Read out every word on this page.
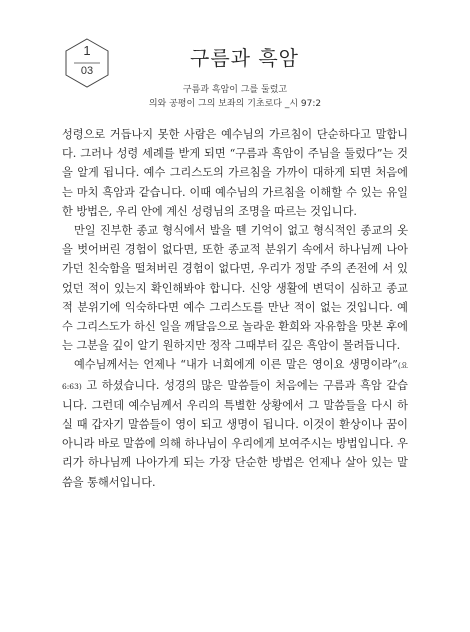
1
03
구름과 흑암
구름과 흑암이 그를 둘렀고
의와 공평이 그의 보좌의 기초로다 _시 97:2

성령으로 거듭나지 못한 사람은 예수님의 가르침이 단순하다고 말합니다. 그러나 성령 세례를 받게 되면 “구름과 흑암이 주님을 둘렀다”는 것을 알게 됩니다. 예수 그리스도의 가르침을 가까이 대하게 되면 처음에는 마치 흑암과 같습니다. 이때 예수님의 가르침을 이해할 수 있는 유일한 방법은, 우리 안에 계신 성령님의 조명을 따르는 것입니다.

만일 진부한 종교 형식에서 발을 뗀 기억이 없고 형식적인 종교의 옷을 벗어버린 경험이 없다면, 또한 종교적 분위기 속에서 하나님께 나아가던 친숙함을 떨쳐버린 경험이 없다면, 우리가 정말 주의 존전에 서 있었던 적이 있는지 확인해봐야 합니다. 신앙 생활에 변덕이 심하고 종교적 분위기에 익숙하다면 예수 그리스도를 만난 적이 없는 것입니다. 예수 그리스도가 하신 일을 깨달음으로 놀라운 환희와 자유함을 맛본 후에는 그분을 깊이 알기 원하지만 정작 그때부터 깊은 흑암이 몰려듭니다.

예수님께서는 언제나 “내가 너희에게 이른 말은 영이요 생명이라”(요 6:63) 고 하셨습니다. 성경의 많은 말씀들이 처음에는 구름과 흑암 같습니다. 그런데 예수님께서 우리의 특별한 상황에서 그 말씀들을 다시 하실 때 갑자기 말씀들이 영이 되고 생명이 됩니다. 이것이 환상이나 꿈이 아니라 바로 말씀에 의해 하나님이 우리에게 보여주시는 방법입니다. 우리가 하나님께 나아가게 되는 가장 단순한 방법은 언제나 살아 있는 말씀을 통해서입니다.
